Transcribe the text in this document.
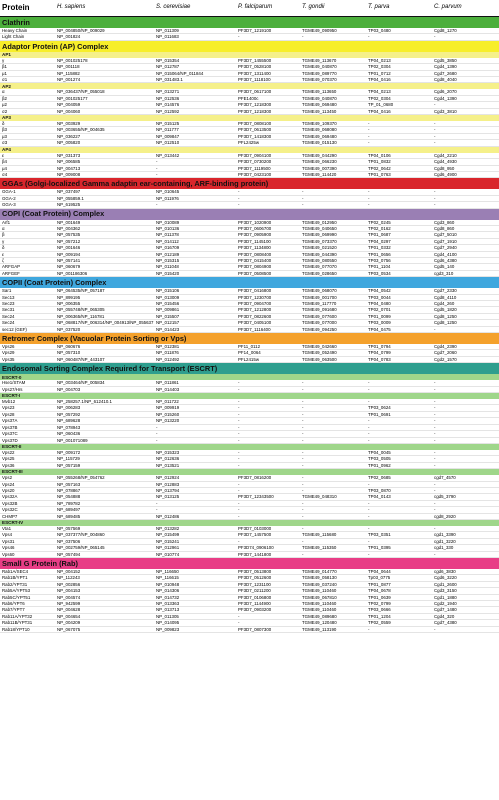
Protein	H. sapiens	S. cerevisiae	P. falciparum	T. gondii	T. parva	C. parvum
Clathrin						
Heavy Chain	NP_004850/NP_009029	NP_011309	PF3D7_1219100	TGME49_090950	TP03_0480	Cgd8_1270
Light Chain	NP_001824	NP_011683	-	-	-	-
Adaptor Protein (AP) Complex						
AP1						
γ	NP_001025178	NP_015354	PF3D7_1455500	TGME49_113670	TP04_0213	Cgd5_3850
β1	NP_001118	NP_012787	PF3D7_0528100	TGME49_040870	TP02_0304	Cgd4_1390
μ1	NP_115882	NP_015064/NP_011844	PF3D7_1311400	TGME49_089770	TP01_0712	Cgd7_2680
σ1	NP_001274	NP_031483.1	PF3D7_1118100	TGME49_070370	TP04_0416	Cgd8_4040
AP2						
α	NP_036437/NP_055018	NP_013271	PF3D7_0617100	TGME49_113650	TP04_0213	Cgd6_2070
β2	NP_001025177	NP_012536	PFE1400c	TGME49_040870	TP02_0304	Cgd4_1390
μ2	NP_004059	NP_014576	PF3D7_1218300	TGME49_069480	TP_01_0680	-
σ2	NP_004060	NP_012592	PF3D7_1218300	TGME49_113450	TP04_0416	Cgd3_3810
AP3						
δ	NP_003929	NP_015125	PF3D7_0808100	TGME49_109370	-	-
β3	NP_003655/NP_004635	NP_011777	PF3D7_0613500	TGME49_068080	-	-
μ3	NP_036227	NP_009847	PF3D7_1418300	TGME49_069480	-	-
σ3	NP_005820	NP_012510	PFL2425w	TGME49_015130	-	-
AP4						
ε	NP_031373	NP_013442	PF3D7_0904100	TGME49_044290	TP04_0106	Cgd4_2210
β4	NP_006585	-	PF3D7_0730200	TGME49_066230	TP01_0832	Cgd4_4930
μ4	NP_004713	-	PF3D7_1119500	TGME49_007390	TP02_0642	Cgd8_950
σ4	NP_009008	-	PF3D7_0423100	TGME49_114420	TP01_0763	Cgd6_4900
GGAs (Golgi-localized Gamma adaptin ear-containing, ARF-binding protein)						
GGA-1	NP_037497	NP_010645	-	-	-	-
GGA-2	NP_055859.1	NP_011976	-	-	-	-
GGA-3	NP_619525	-	-	-	-	-
COPI (Coat Protein) Complex						
Arf1	NP_001649	NP_010089	PF3D7_1020900	TGME49_012950	TP02_0245	Cgd3_860
α	NP_004362	NP_010136	PF3D7_0606700	TGME49_040650	TP02_0162	Cgd8_860
β	NP_057535	NP_011378	PF3D7_0905900	TGME49_069990	TP01_0687	Cgd7_5010
γ	NP_057212	NP_014112	PF3D7_1145100	TGME49_073370	TP04_0297	Cgd7_1910
δ	NP_001646	NP_016709	PF3D7_1134800	TGME49_021520	TP01_0332	Cgd7_2940
ε	NP_009194	NP_012189	PF3D7_0808400	TGME49_044390	TP01_0656	Cgd4_4100
ζ	NP_057141	NP_015315	PF3D7_0415400	TGME49_080550	TP03_0756	Cgd6_4380
ARFGAP	NP_060679	NP_011048	PF3D7_0804900	TGME49_077070	TP01_1104	Cgd5_140
ARFGEF	NP_001186306	NP_015420	PF3D7_0508500	TGME49_028650	TP03_0534	cgd3_310
COPII (Coat Protein) Complex						
Sar1	NP_064535/NP_057187	NP_015106	PF3D7_0416800	TGME49_068070	TP04_0542	Cgd7_2330
Sec13	NP_899195	NP_013009	PF3D7_1230700	TGME49_001700	TP03_0044	Cgd8_4110
Sec23	NP_006355	NP_015456	PF3D7_0904700	TGME49_117770	TP04_0480	Cgd4_260
Sec31	NP_055748/NP_065305	NP_009861	PF3D7_1212800	TGME49_091680	TP02_0701	Cgd5_1820
Sec24	NP_006365/NP_116781	NP_015507	PF3D7_0822600	TGME49_077600	TP01_0099	Cgd8_1250
Sec24	NP_068817/NP_006314/NP_004913/NP_055637	NP_012157	PF3D7_0405100	TGME49_077000	TP03_0009	Cgd8_1250
sec12 (GEF)	NP_037520	NP_014423	PF3D7_1116400	TGME49_094250	TP04_0475	-
Retromer Complex (Vacuolar Protein Sorting or Vps)						
Vps26	NP_060676	NP_012381	PF11_0112	TGME49_042660	TP01_0794	Cgd4_2390
Vps29	NP_057310	NP_011876	PF14_0064	TGME49_052490	TP04_0799	Cgd7_2060
Vps35	NP_060487/NP_443107	NP_012492	PFL2415w	TGME49_063500	TP04_0783	Cgd2_1570
Endosomal Sorting Complex Required for Transport (ESCRT)						
ESCRT-0						
Hse1/STAM	NP_003464/NP_005834	NP_011861	-	-	-	-
Vps27/Hrs	NP_004703	NP_014403	-	-	-	-
ESCRT-I						
Mvb12	NP_258257.1/NP_612410.1	NP_011722	-	-	-	-
Vps23	NP_006283	NP_009919	-	-	TP03_0624	-
Vps28	NP_057292	NP_015260	-	-	TP01_0691	-
Vps37A	NP_689628	NP_013220	-	-	-	-
Vps37B	NP_078943	-	-	-	-	-
Vps37C	NP_060436	-	-	-	-	-
Vps37D	NP_001071089	-	-	-	-	-
ESCRT-II						
Vps22	NP_009172	NP_015323	-	-	TP04_0045	-
Vps25	NP_115729	NP_012636	-	-	TP03_0505	-
Vps36	NP_057159	NP_013521	-	-	TP01_0962	-
ESCRT-III						
Vps2	NP_055268/NP_054762	NP_012924	PF3D7_0816200	-	TP02_0685	cgd7_4570
Vps24	NP_057163	NP_012883	-	-	-	-
Vps20	NP_078867	NP_013794	-	-	TP03_0870	-
Vps32A	NP_054888	NP_013125	PF3D7_12343500	TGME49_048310	TP04_0143	cgd5_3790
Vps32B	NP_789782	-	-	-	-	-
Vps32C	NP_689497	-	-	-	-	-
CHMP7	NP_689485	NP_012486	-	-	-	cgd8_2920
ESCRT-IV						
Vta1	NP_057569	NP_013282	PF3D7_0103000	-	-	-
Vps4	NP_037377/NP_004860	NP_015499	PF3D7_1457500	TGME49_115680	TP03_0351	cgd1_3390
Vps31	NP_037506	NP_015241	-	-	-	cgd1_3220
Vps46	NP_002759/NP_065145	NP_012961	PF3D74_0906100	TGME49_115350	TP01_0395	cgd1_330
Vps60	NP_057494	NP_010774	PF3D7_1441800	-	-	-
Small G Protein (Rab)						
Rab1A/SEC4	NP_004152	NP_116650	PF3D7_0513800	TGME49_014770	TP04_0644	cgd6_3830
Rab1B/YPT1	NP_112243	NP_116615	PF3D7_0512600	TGME49_058130	Tp03_0775	Cgd6_3220
Rab2/YPT31	NP_002856	NP_010948	PF3D7_1231100	TGME49_037240	TP01_0877	Cgd1_2600
Rab5A/YPT53	NP_004153	NP_014306	PF3D7_0211200	TGME49_110460	TP04_0678	Cgd3_3150
Rab5C/YPT51	NP_004574	NP_014732	PF3D7_0106800	TGME49_067810	TP01_0639	Cgd1_1880
Rab6/YPT6	NP_942599	NP_013363	PF3D7_1144900	TGME49_110460	TP02_0799	Cgd2_1940
Rab7/YPT7	NP_004628	NP_013713	PF3D7_0903200	TGME49_110460	TP03_0666	Cgd7_1480
Rab11A/YPT32	NP_004654	NP_011305	-	TGME49_089680	TP01_1204	Cgd4_320
Rab11B/YPT31	NP_004209	NP_014095	-	TGME49_120480	TP02_0559	Cgd7_4380
Rab18/YPT10	NP_067075	NP_009823	PF3D7_0807300	TGME49_113190	-	-
